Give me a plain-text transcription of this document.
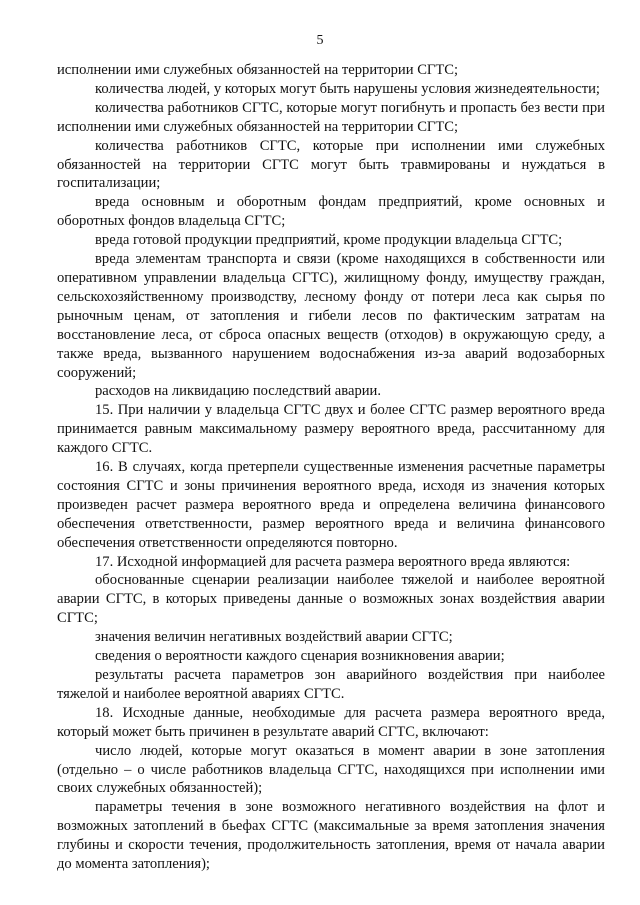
5

исполнении ими служебных обязанностей на территории СГТС;

количества людей, у которых могут быть нарушены условия жизнедеятельности;

количества работников СГТС, которые могут погибнуть и пропасть без вести при исполнении ими служебных обязанностей на территории СГТС;

количества работников СГТС, которые при исполнении ими служебных обязанностей на территории СГТС могут быть травмированы и нуждаться в госпитализации;

вреда основным и оборотным фондам предприятий, кроме основных и оборотных фондов владельца СГТС;

вреда готовой продукции предприятий, кроме продукции владельца СГТС;

вреда элементам транспорта и связи (кроме находящихся в собственности или оперативном управлении владельца СГТС), жилищному фонду, имуществу граждан, сельскохозяйственному производству, лесному фонду от потери леса как сырья по рыночным ценам, от затопления и гибели лесов по фактическим затратам на восстановление леса, от сброса опасных веществ (отходов) в окружающую среду, а также вреда, вызванного нарушением водоснабжения из-за аварий водозаборных сооружений;

расходов на ликвидацию последствий аварии.

15. При наличии у владельца СГТС двух и более СГТС размер вероятного вреда принимается равным максимальному размеру вероятного вреда, рассчитанному для каждого СГТС.

16. В случаях, когда претерпели существенные изменения расчетные параметры состояния СГТС и зоны причинения вероятного вреда, исходя из значения которых произведен расчет размера вероятного вреда и определена величина финансового обеспечения ответственности, размер вероятного вреда и величина финансового обеспечения ответственности определяются повторно.

17. Исходной информацией для расчета размера вероятного вреда являются:

обоснованные сценарии реализации наиболее тяжелой и наиболее вероятной аварии СГТС, в которых приведены данные о возможных зонах воздействия аварии СГТС;

значения величин негативных воздействий аварии СГТС;

сведения о вероятности каждого сценария возникновения аварии;

результаты расчета параметров зон аварийного воздействия при наиболее тяжелой и наиболее вероятной авариях СГТС.

18. Исходные данные, необходимые для расчета размера вероятного вреда, который может быть причинен в результате аварий СГТС, включают:

число людей, которые могут оказаться в момент аварии в зоне затопления (отдельно – о числе работников владельца СГТС, находящихся при исполнении ими своих служебных обязанностей);

параметры течения в зоне возможного негативного воздействия на флот и возможных затоплений в бьефах СГТС (максимальные за время затопления значения глубины и скорости течения, продолжительность затопления, время от начала аварии до момента затопления);
